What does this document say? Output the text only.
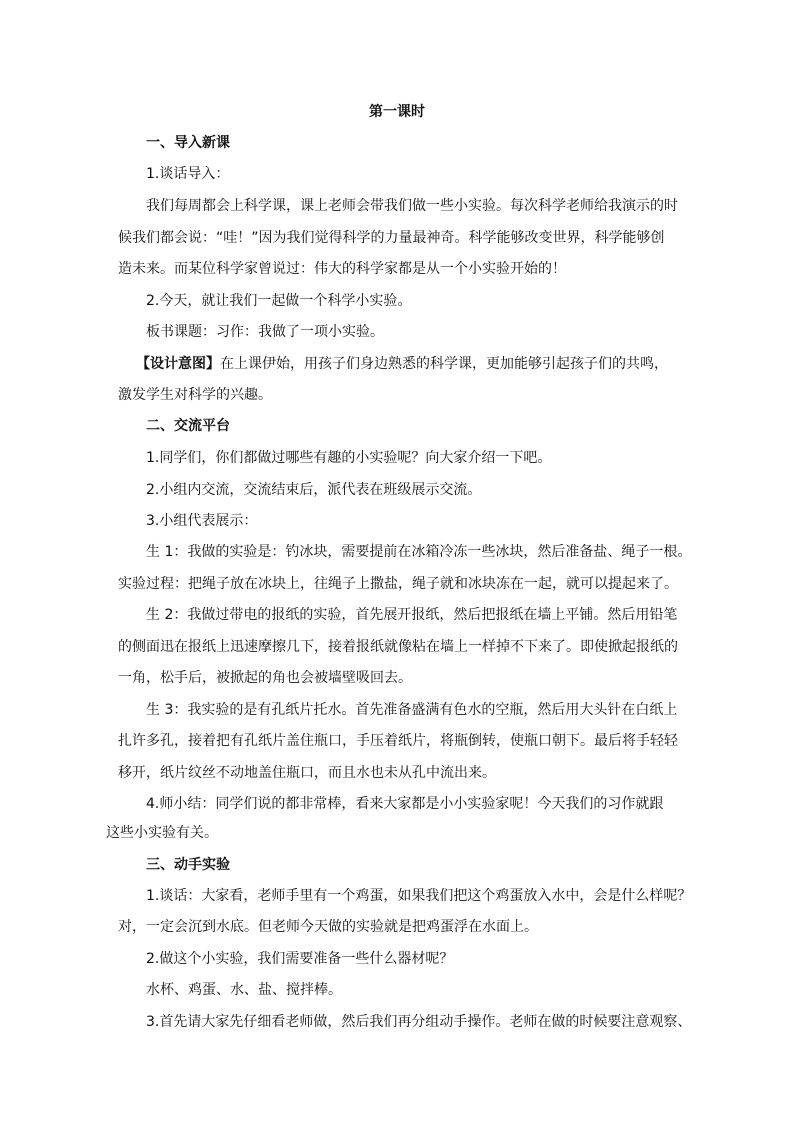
第一课时
一、导入新课
1.谈话导入：
我们每周都会上科学课，课上老师会带我们做一些小实验。每次科学老师给我演示的时
候我们都会说：“哇！”因为我们觉得科学的力量最神奇。科学能够改变世界，科学能够创
造未来。而某位科学家曾说过：伟大的科学家都是从一个小实验开始的！
2.今天，就让我们一起做一个科学小实验。
板书课题：习作：我做了一项小实验。
【设计意图】在上课伊始，用孩子们身边熟悉的科学课，更加能够引起孩子们的共鸣，
激发学生对科学的兴趣。
二、交流平台
1.同学们，你们都做过哪些有趣的小实验呢？向大家介绍一下吧。
2.小组内交流，交流结束后，派代表在班级展示交流。
3.小组代表展示：
生 1：我做的实验是：钓冰块，需要提前在冰箱冷冻一些冰块，然后准备盐、绳子一根。
实验过程：把绳子放在冰块上，往绳子上撒盐，绳子就和冰块冻在一起，就可以提起来了。
生 2：我做过带电的报纸的实验，首先展开报纸，然后把报纸在墙上平铺。然后用铅笔
的侧面迅在报纸上迅速摩擦几下，接着报纸就像粘在墙上一样掉不下来了。即使掀起报纸的
一角，松手后，被掀起的角也会被墙壁吸回去。
生 3：我实验的是有孔纸片托水。首先准备盛满有色水的空瓶，然后用大头针在白纸上
扎许多孔，接着把有孔纸片盖住瓶口，手压着纸片，将瓶倒转，使瓶口朝下。最后将手轻轻
移开，纸片纹丝不动地盖住瓶口，而且水也未从孔中流出来。
4.师小结：同学们说的都非常棒，看来大家都是小小实验家呢！今天我们的习作就跟
这些小实验有关。
三、动手实验
1.谈话：大家看，老师手里有一个鸡蛋，如果我们把这个鸡蛋放入水中，会是什么样呢？
对，一定会沉到水底。但老师今天做的实验就是把鸡蛋浮在水面上。
2.做这个小实验，我们需要准备一些什么器材呢？
水杯、鸡蛋、水、盐、搅拌棒。
3.首先请大家先仔细看老师做，然后我们再分组动手操作。老师在做的时候要注意观察、
